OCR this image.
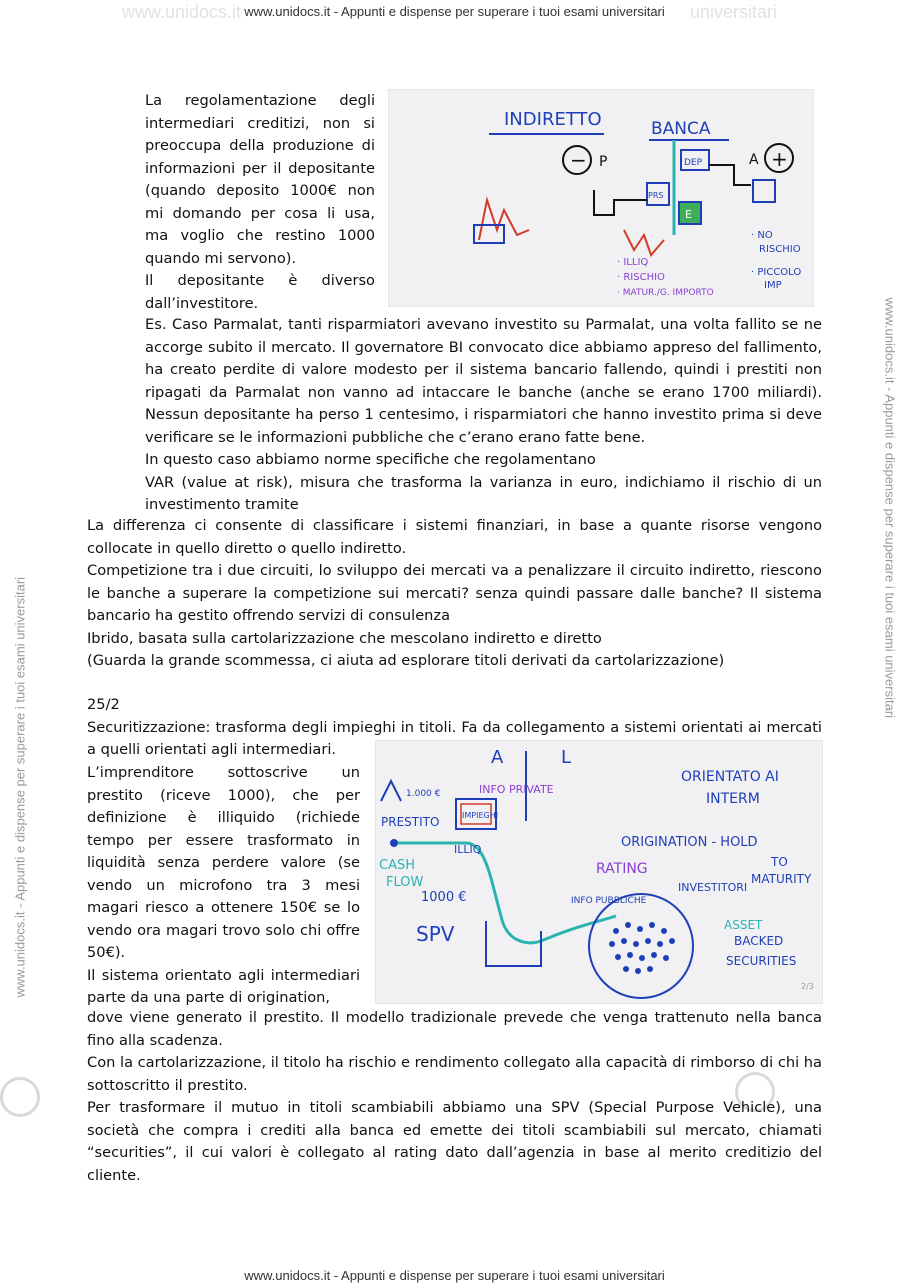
www.unidocs.it - Appunti e dispense per superare i tuoi esami universitari
www.unidocs.it - Appunti e dispense per superare i tuoi esami universitari
www.unidocs.it - Appunti e dispense per superare i tuoi esami universitari
www.unidocs.it - Appunti e dispense per superare i tuoi esami universitari
www.unidocs.it	universitari

La regolamentazione degli intermediari creditizi, non si preoccupa della produzione di informazioni per il depositante (quando deposito 1000€ non mi domando per cosa li usa, ma voglio che restino 1000 quando mi servono).

Il depositante è diverso dall’investitore.

INDIRETTO	BANCA
− P	+
A
DEP
PRS
E
· ILLIQ
· RISCHIO
· MATUR./G. IMPORTO
· NO
RISCHIO
· PICCOLO
IMP

Es. Caso Parmalat, tanti risparmiatori avevano investito su Parmalat, una volta fallito se ne accorge subito il mercato. Il governatore BI convocato dice abbiamo appreso del fallimento, ha creato perdite di valore modesto per il sistema bancario fallendo, quindi i prestiti non ripagati da Parmalat non vanno ad intaccare le banche (anche se erano 1700 miliardi). Nessun depositante ha perso 1 centesimo, i risparmiatori che hanno investito prima si deve verificare se le informazioni pubbliche che c’erano erano fatte bene.

In questo caso abbiamo norme specifiche che regolamentano

VAR (value at risk), misura che trasforma la varianza in euro, indichiamo il rischio di un investimento tramite

La differenza ci consente di classificare i sistemi finanziari, in base a quante risorse vengono collocate in quello diretto o quello indiretto.

Competizione tra i due circuiti, lo sviluppo dei mercati va a penalizzare il circuito indiretto, riescono le banche a superare la competizione sui mercati? senza quindi passare dalle banche? Il sistema bancario ha gestito offrendo servizi di consulenza

Ibrido, basata sulla cartolarizzazione che mescolano indiretto e diretto

(Guarda la grande scommessa, ci aiuta ad esplorare titoli derivati da cartolarizzazione)

25/2

Securitizzazione: trasforma degli impieghi in titoli. Fa da collegamento a sistemi orientati ai mercati a quelli orientati agli intermediari.

L’imprenditore sottoscrive un prestito (riceve 1000), che per definizione è illiquido (richiede tempo per essere trasformato in liquidità senza perdere valore (se vendo un microfono tra 3 mesi magari riesco a ottenere 150€ se lo vendo ora magari trovo solo chi offre 50€).

Il sistema orientato agli intermediari parte da una parte di origination,

A	L
1.000 €
PRESTITO	IMPIEGHI
INFO PRIVATE
ILLIQ
CASH
FLOW
1000 €
SPV
RATING
INFO PUBBLICHE
INVESTITORI
ORIENTATO AI
INTERM
ORIGINATION - HOLD
TO
MATURITY
ASSET
BACKED
SECURITIES
2/3

dove viene generato il prestito. Il modello tradizionale prevede che venga trattenuto nella banca fino alla scadenza.

Con la cartolarizzazione, il titolo ha rischio e rendimento collegato alla capacità di rimborso di chi ha sottoscritto il prestito.

Per trasformare il mutuo in titoli scambiabili abbiamo una SPV (Special Purpose Vehicle), una società che compra i crediti alla banca ed emette dei titoli scambiabili sul mercato, chiamati “securities”, il cui valori è collegato al rating dato dall’agenzia in base al merito creditizio del cliente.
